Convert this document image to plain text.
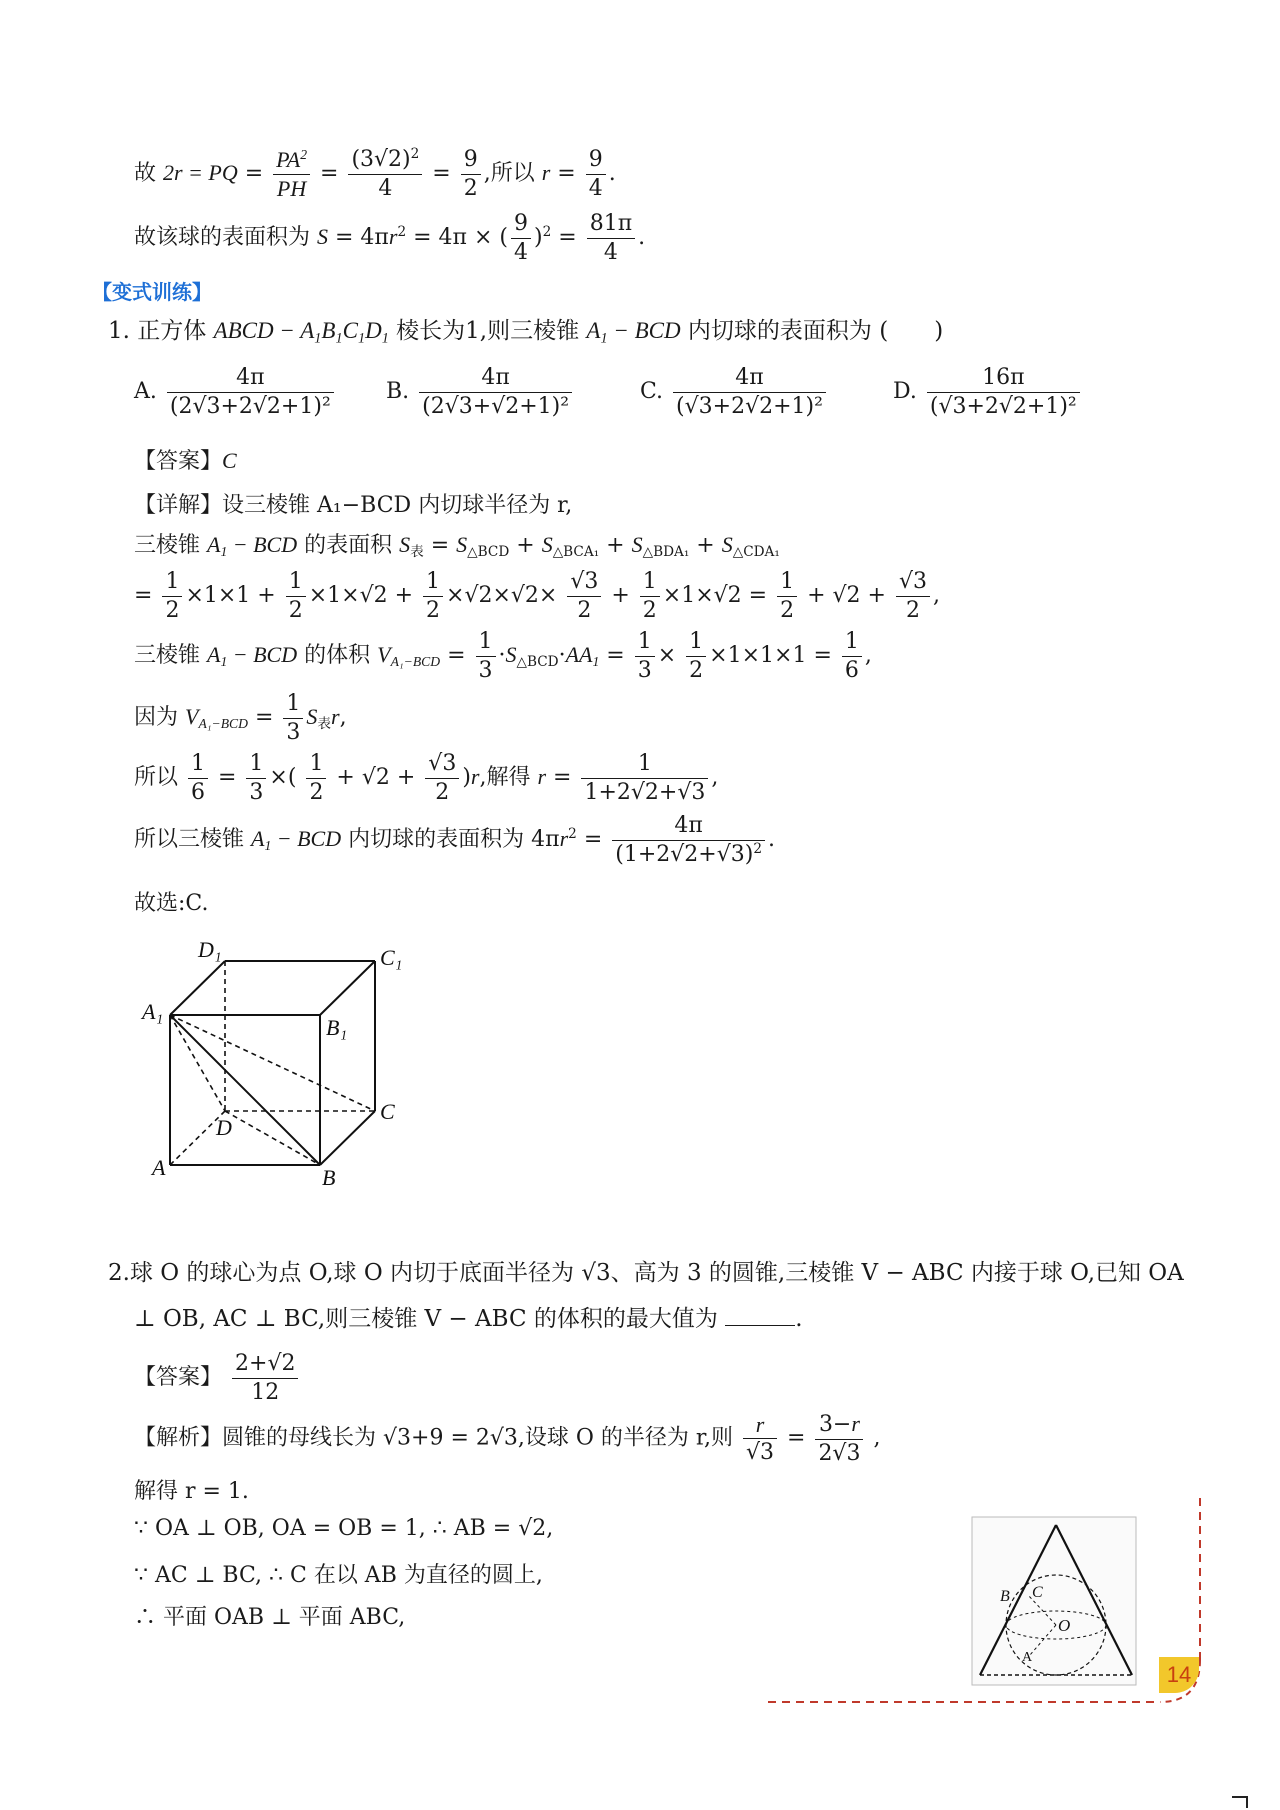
故 2r = PQ = $\frac{PA^2}{PH} = \frac{(3√2)^2}{4} = \frac{9}{2}$ ,所以 $r = \frac{9}{4}$ .
故该球的表面积为 $S = 4\pi r^2 = 4\pi$ × ( $\frac{9}{4} )^2 = \frac{81\pi}{4}$ .
【变式训练】
1. 正方体 ABCD − $A_1B_1C_1D_1$ 棱长为1,则三棱锥 $A_1$ − BCD 内切球的表面积为 (　　)
A. $\frac{4\pi}{\text{(2√3+2√2+1)²}} B$. $\frac{4\pi}{\text{(2√3+√2+1)²}}$	C. $\frac{4\pi}{\text{(√3+2√2+1)²}}$	D. $\frac{16\pi}{\text{(√3+2√2+1)²}}$
【答案】C
【详解】设三棱锥 A₁−BCD 内切球半径为 r,
三棱锥 $A_1$ − BCD 的表面积 $S_表 = S_{\triangle BCD} + S_{\triangle BCA_1} + S_{\triangle BDA_1} + S_{\triangle CDA_1}$
= $\frac{1}{2} \times 1\times 1 + \frac{1}{2} \times 1\times√2 + \frac{1}{2} \times√2\times√2\times \frac{√3}{2} + \frac{1}{2} \times 1\times√2 = \frac{1}{2} + √2 + \frac{√3}{2}$ ,
三棱锥 $A_1$ − BCD 的体积 $V_{A_1-BCD} = \frac{1}{3} \cdot S_{\triangle BCD}\cdot AA_1 = \frac{1}{3} \times \frac{1}{2} \times 1\times 1\times 1 = \frac{1}{6}$ ,
因为 $V_{A_1-BCD} = \frac{1}{3} S_表r$,
所以 $\frac{1}{6} = \frac{1}{3}$ ×( $\frac{1}{2} + √2 + \frac{√3}{2} )r$,解得 $r = \frac{1}{1+2√2+√3}$ ,
所以三棱锥 $A_1$ − BCD 内切球的表面积为 $4\pi r^2 = \frac{4\pi}{(1+2√2+√3)^2}$ .
故选:C.
D₁	C₁
A₁
B₁
D
C
A	B
2.球 O 的球心为点 O,球 O 内切于底面半径为 √3、高为 3 的圆锥,三棱锥 V − ABC 内接于球 O,已知 OA
⊥ OB, AC ⊥ BC,则三棱锥 V − ABC 的体积的最大值为	.
【答案】 $\frac{2+√2}{12}$
【解析】圆锥的母线长为 √3+9 = 2√3,设球 O 的半径为 r,则 $\frac{r}{√3} = \frac{3-r}{2√3}$ ,
解得 r = 1.
∵ OA ⊥ OB, OA = OB = 1, ∴ AB = √2,
∵ AC ⊥ BC, ∴ C 在以 AB 为直径的圆上,
∴ 平面 OAB ⊥ 平面 ABC,
B C
O
A
14
